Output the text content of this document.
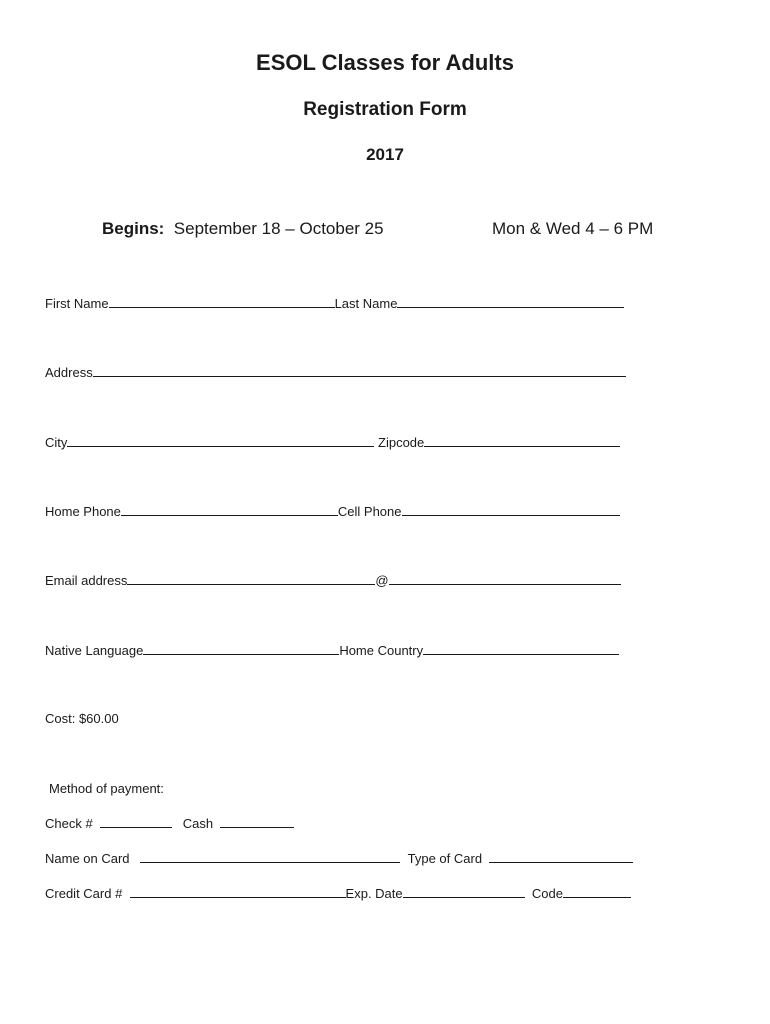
ESOL Classes for Adults
Registration Form
2017
Begins: September 18 – October 25	Mon & Wed 4 – 6 PM
First Name	Last Name
Address
City	Zipcode
Home Phone	Cell Phone
Email address	@
Native Language	Home Country
Cost: $60.00
Method of payment:
Check #	Cash
Name on Card	Type of Card
Credit Card #	Exp. Date	Code
